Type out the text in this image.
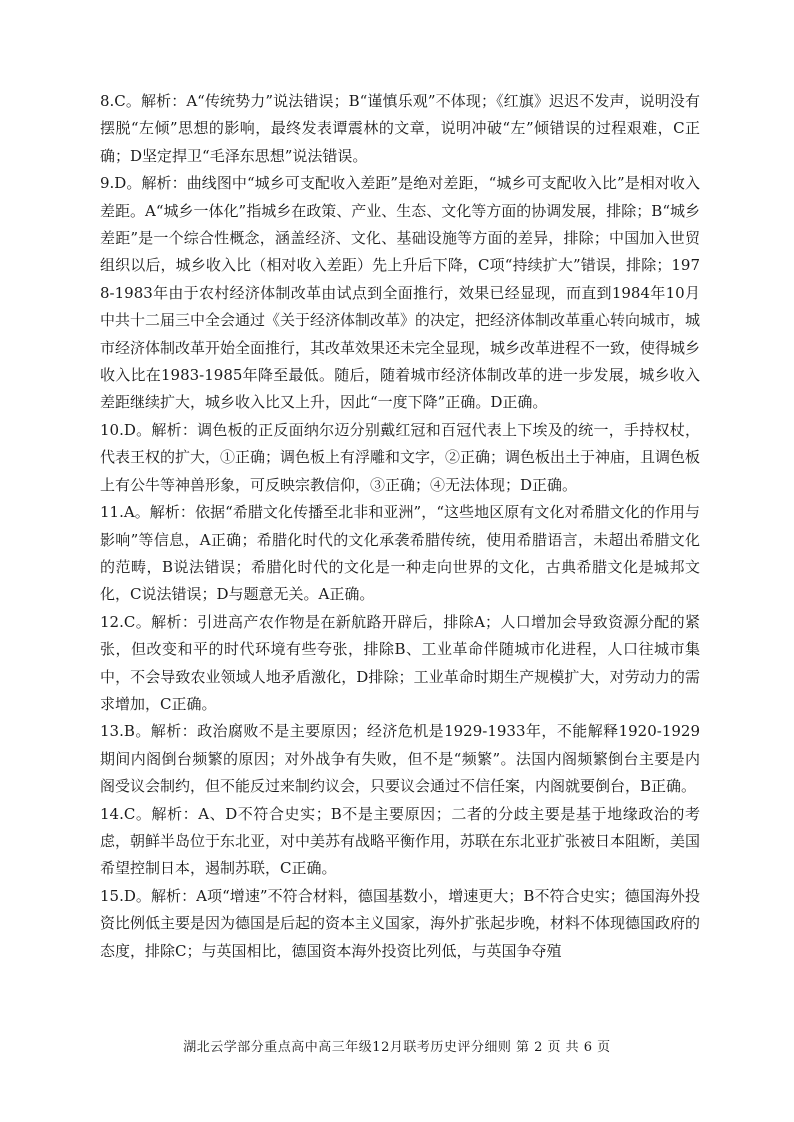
8.C。解析：A“传统势力”说法错误；B“谨慎乐观”不体现；《红旗》迟迟不发声，说明没有摆脱“左倾”思想的影响，最终发表谭震林的文章，说明冲破“左”倾错误的过程艰难，C正确；D坚定捍卫“毛泽东思想”说法错误。

9.D。解析：曲线图中“城乡可支配收入差距”是绝对差距，“城乡可支配收入比”是相对收入差距。A“城乡一体化”指城乡在政策、产业、生态、文化等方面的协调发展，排除；B“城乡差距”是一个综合性概念，涵盖经济、文化、基础设施等方面的差异，排除；中国加入世贸组织以后，城乡收入比（相对收入差距）先上升后下降，C项“持续扩大”错误，排除；1978-1983年由于农村经济体制改革由试点到全面推行，效果已经显现，而直到1984年10月中共十二届三中全会通过《关于经济体制改革》的决定，把经济体制改革重心转向城市，城市经济体制改革开始全面推行，其改革效果还未完全显现，城乡改革进程不一致，使得城乡收入比在1983-1985年降至最低。随后，随着城市经济体制改革的进一步发展，城乡收入差距继续扩大，城乡收入比又上升，因此“一度下降”正确。D正确。

10.D。解析：调色板的正反面纳尔迈分别戴红冠和百冠代表上下埃及的统一，手持权杖，代表王权的扩大，①正确；调色板上有浮雕和文字，②正确；调色板出土于神庙，且调色板上有公牛等神兽形象，可反映宗教信仰，③正确；④无法体现；D正确。

11.A。解析：依据“希腊文化传播至北非和亚洲”，“这些地区原有文化对希腊文化的作用与影响”等信息，A正确；希腊化时代的文化承袭希腊传统，使用希腊语言，未超出希腊文化的范畴，B说法错误；希腊化时代的文化是一种走向世界的文化，古典希腊文化是城邦文化，C说法错误；D与题意无关。A正确。

12.C。解析：引进高产农作物是在新航路开辟后，排除A；人口增加会导致资源分配的紧张，但改变和平的时代环境有些夸张，排除B、工业革命伴随城市化进程，人口往城市集中，不会导致农业领域人地矛盾激化，D排除；工业革命时期生产规模扩大，对劳动力的需求增加，C正确。

13.B。解析：政治腐败不是主要原因；经济危机是1929-1933年，不能解释1920-1929期间内阁倒台频繁的原因；对外战争有失败，但不是“频繁”。法国内阁频繁倒台主要是内阁受议会制约，但不能反过来制约议会，只要议会通过不信任案，内阁就要倒台，B正确。

14.C。解析：A、D不符合史实；B不是主要原因；二者的分歧主要是基于地缘政治的考虑，朝鲜半岛位于东北亚，对中美苏有战略平衡作用，苏联在东北亚扩张被日本阻断，美国希望控制日本，遏制苏联，C正确。

15.D。解析：A项“增速”不符合材料，德国基数小，增速更大；B不符合史实；德国海外投资比例低主要是因为德国是后起的资本主义国家，海外扩张起步晚，材料不体现德国政府的态度，排除C；与英国相比，德国资本海外投资比列低，与英国争夺殖

湖北云学部分重点高中高三年级12月联考历史评分细则 第 2 页 共 6 页
